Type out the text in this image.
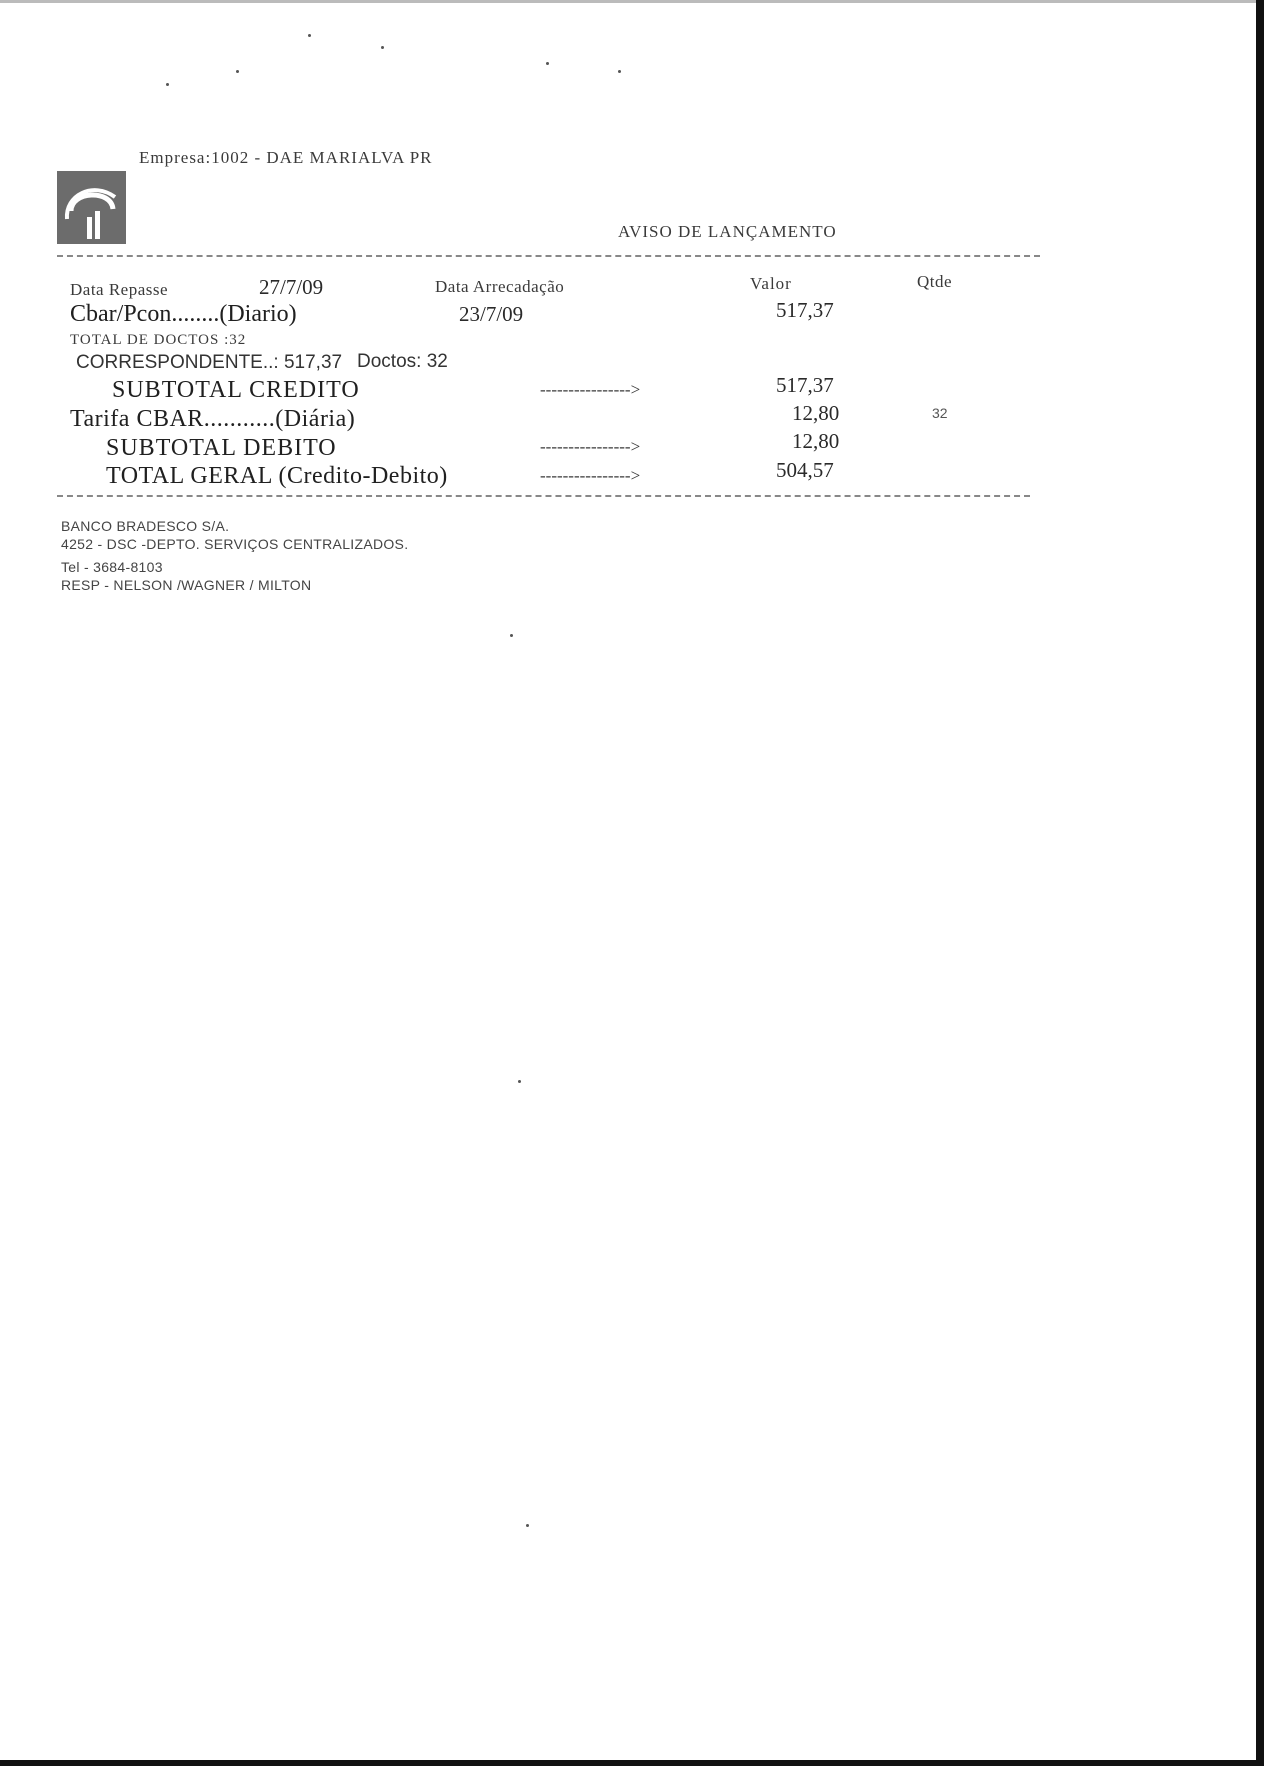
Empresa:1002 - DAE MARIALVA PR
AVISO DE LANÇAMENTO
Data Repasse	27/7/09	Data Arrecadação	Valor	Qtde
Cbar/Pcon........(Diario)	23/7/09	517,37
TOTAL DE DOCTOS :32
CORRESPONDENTE..: 517,37 Doctos: 32
SUBTOTAL CREDITO	---------------->	517,37
Tarifa CBAR...........(Diária)	12,80	32
SUBTOTAL DEBITO	---------------->	12,80
TOTAL GERAL (Credito-Debito)	---------------->	504,57
BANCO BRADESCO S/A.
4252 - DSC -DEPTO. SERVIÇOS CENTRALIZADOS.
Tel - 3684-8103
RESP - NELSON /WAGNER / MILTON
